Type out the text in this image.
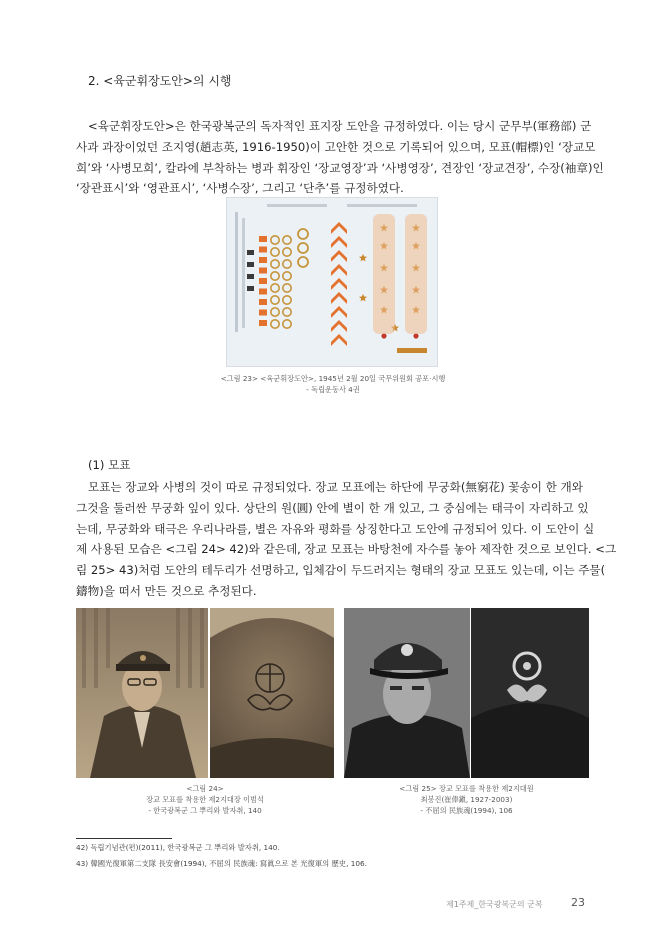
2. <육군휘장도안>의 시행
<육군휘장도안>은 한국광복군의 독자적인 표지장 도안을 규정하였다. 이는 당시 군무부(軍務部) 군
사과 과장이었던 조지영(趙志英, 1916-1950)이 고안한 것으로 기록되어 있으며, 모표(帽標)인 ‘장교모
희’와 ‘사병모희’, 칼라에 부착하는 병과 휘장인 ‘장교영장’과 ‘사병영장’, 견장인 ‘장교견장’, 수장(袖章)인
‘장관표시’와 ‘영관표시’, ‘사병수장’, 그리고 ‘단추’를 규정하였다.
<그림 23> <육군휘장도안>, 1945년 2월 20일 국무위원회 공포·시행
- 독립운동사 4권
(1) 모표
모표는 장교와 사병의 것이 따로 규정되었다. 장교 모표에는 하단에 무궁화(無窮花) 꽃송이 한 개와
그것을 둘러싼 무궁화 잎이 있다. 상단의 원(圓) 안에 별이 한 개 있고, 그 중심에는 태극이 자리하고 있
는데, 무궁화와 태극은 우리나라를, 별은 자유와 평화를 상징한다고 도안에 규정되어 있다. 이 도안이 실
제 사용된 모습은 <그림 24> 42)와 같은데, 장교 모표는 바탕천에 자수를 놓아 제작한 것으로 보인다. <그
림 25> 43)처럼 도안의 테두리가 선명하고, 입체감이 두드러지는 형태의 장교 모표도 있는데, 이는 주물(
鑄物)을 떠서 만든 것으로 추정된다.
<그림 24>
장교 모표를 착용한 제2지대장 이범석
- 한국광복군 그 뿌리와 발자취, 140
<그림 25> 장교 모표를 착용한 제2지대원
최봉진(崔俸鎭, 1927-2003)
- 不屈의 民族魂(1994), 106
42) 독립기념관(편)(2011), 한국광복군 그 뿌리와 발자취, 140.
43) 韓國光復軍第二支隊 長安會(1994), 不屈의 民族魂: 寫眞으로 본 光復軍의 歷史, 106.
제1주제_한국광복군의 군복	23
